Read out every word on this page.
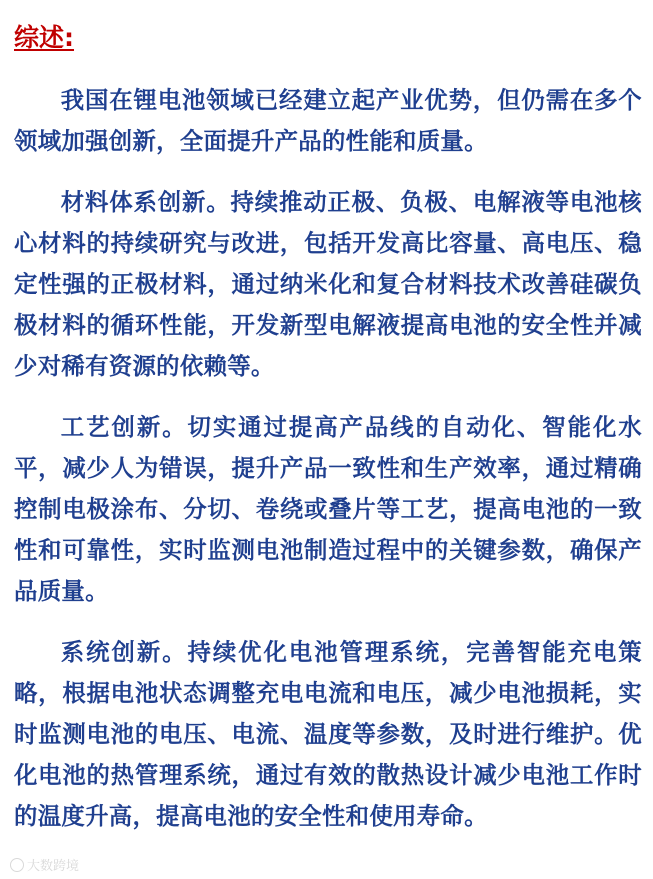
综述:

我国在锂电池领域已经建立起产业优势，但仍需在多个领域加强创新，全面提升产品的性能和质量。

材料体系创新。持续推动正极、负极、电解液等电池核心材料的持续研究与改进，包括开发高比容量、高电压、稳定性强的正极材料，通过纳米化和复合材料技术改善硅碳负极材料的循环性能，开发新型电解液提高电池的安全性并减少对稀有资源的依赖等。

工艺创新。切实通过提高产品线的自动化、智能化水平，减少人为错误，提升产品一致性和生产效率，通过精确控制电极涂布、分切、卷绕或叠片等工艺，提高电池的一致性和可靠性，实时监测电池制造过程中的关键参数，确保产品质量。

系统创新。持续优化电池管理系统，完善智能充电策略，根据电池状态调整充电电流和电压，减少电池损耗，实时监测电池的电压、电流、温度等参数，及时进行维护。优化电池的热管理系统，通过有效的散热设计减少电池工作时的温度升高，提高电池的安全性和使用寿命。

大数跨境
